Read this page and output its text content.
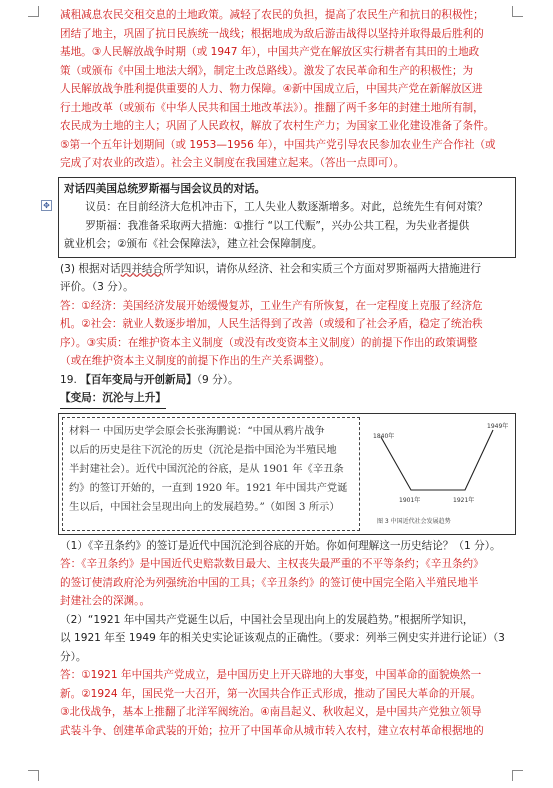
✥

减租减息农民交租交息的土地政策。减轻了农民的负担，提高了农民生产和抗日的积极性；

团结了地主，巩固了抗日民族统一战线；根据地成为敌后游击战得以坚持并取得最后胜利的

基地。③人民解放战争时期（或 1947 年），中国共产党在解放区实行耕者有其田的土地政

策（或颁布《中国土地法大纲》，制定土改总路线）。激发了农民革命和生产的积极性；为

人民解放战争胜利提供重要的人力、物力保障。④新中国成立后，中国共产党在新解放区进

行土地改革（或颁布《中华人民共和国土地改革法》）。推翻了两千多年的封建土地所有制，

农民成为土地的主人；巩固了人民政权，解放了农村生产力；为国家工业化建设准备了条件。

⑤第一个五年计划期间（或 1953—1956 年），中国共产党引导农民参加农业生产合作社（或

完成了对农业的改造）。社会主义制度在我国建立起来。（答出一点即可）。

对话四美国总统罗斯福与国会议员的对话。

议员：在目前经济大危机冲击下，工人失业人数逐渐增多。对此，总统先生有何对策？

罗斯福：我准备采取两大措施：①推行 “以工代赈”，兴办公共工程，为失业者提供

就业机会；②颁布《社会保障法》，建立社会保障制度。

(3) 根据对话四并结合所学知识，请你从经济、社会和实质三个方面对罗斯福两大措施进行

评价。（3 分）。

答：①经济：美国经济发展开始缓慢复苏，工业生产有所恢复，在一定程度上克服了经济危

机。②社会：就业人数逐步增加，人民生活得到了改善（或缓和了社会矛盾，稳定了统治秩

序）。③实质：在维护资本主义制度（或没有改变资本主义制度）的前提下作出的政策调整

（或在维护资本主义制度的前提下作出的生产关系调整）。

19. 【百年变局与开创新局】（9 分）。

【变局：沉沦与上升】

材料一 中国历史学会原会长张海鹏说：“中国从鸦片战争
以后的历史是往下沉沦的历史（沉沦是指中国沦为半殖民地
半封建社会）。近代中国沉沦的谷底，是从 1901 年《辛丑条
约》的签订开始的，一直到 1920 年。1921 年中国共产党诞
生以后，中国社会呈现出向上的发展趋势。”（如图 3 所示）
1840年
1949年
1901年	1921年
图 3 中国近代社会发展趋势

（1）《辛丑条约》的签订是近代中国沉沦到谷底的开始。你如何理解这一历史结论？（1 分）。

答：《辛丑条约》是中国近代史赔款数目最大、主权丧失最严重的不平等条约；《辛丑条约》

的签订使清政府沦为列强统治中国的工具；《辛丑条约》的签订使中国完全陷入半殖民地半

封建社会的深渊。。

（2）“1921 年中国共产党诞生以后，中国社会呈现出向上的发展趋势。”根据所学知识，

以 1921 年至 1949 年的相关史实论证该观点的正确性。（要求：列举三例史实并进行论证）（3

分）。

答：①1921 年中国共产党成立，是中国历史上开天辟地的大事变，中国革命的面貌焕然一

新。②1924 年，国民党一大召开，第一次国共合作正式形成，推动了国民大革命的开展。

③北伐战争，基本上推翻了北洋军阀统治。④南昌起义、秋收起义，是中国共产党独立领导

武装斗争、创建革命武装的开始；拉开了中国革命从城市转入农村，建立农村革命根据地的
